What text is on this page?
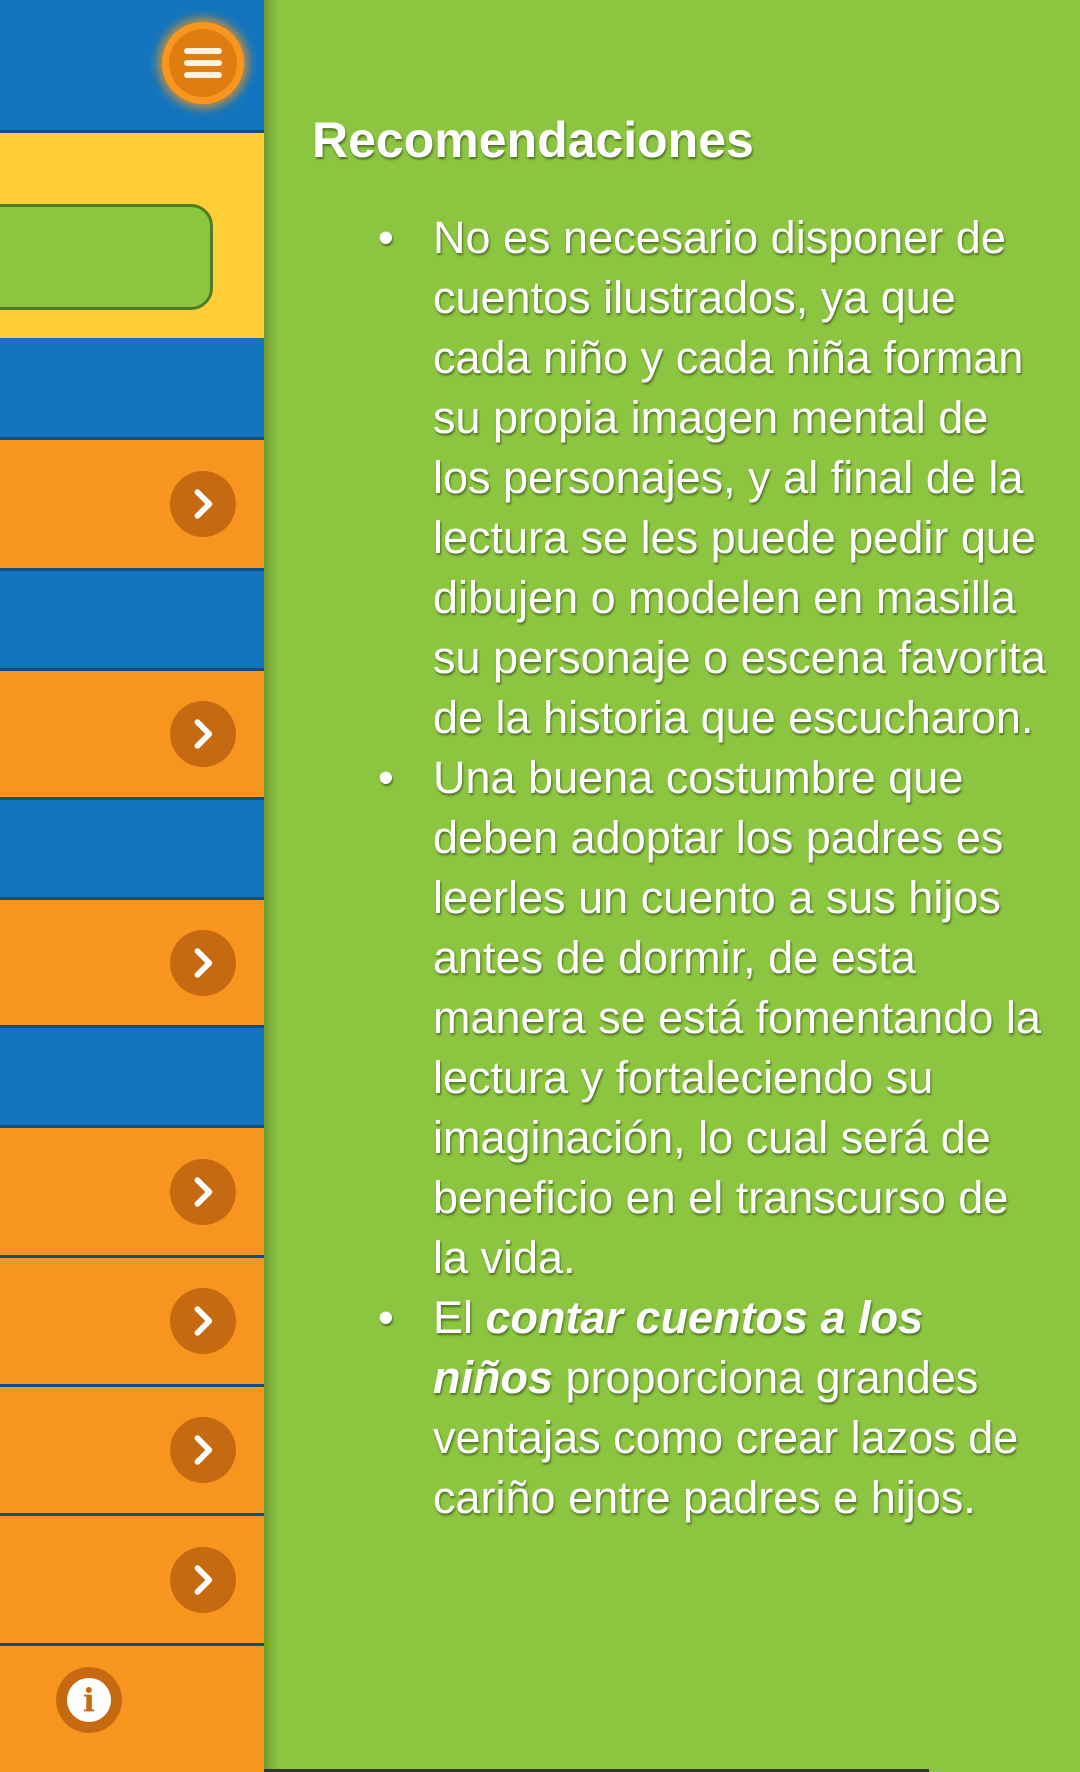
i
Recomendaciones
• No es necesario disponer de cuentos ilustrados, ya que cada niño y cada niña forman su propia imagen mental de los personajes, y al final de la lectura se les puede pedir que dibujen o modelen en masilla su personaje o escena favorita de la historia que escucharon.
• Una buena costumbre que deben adoptar los padres es leerles un cuento a sus hijos antes de dormir, de esta manera se está fomentando la lectura y fortaleciendo su imaginación, lo cual será de beneficio en el transcurso de la vida.
• El contar cuentos a los niños proporciona grandes ventajas como crear lazos de cariño entre padres e hijos.
